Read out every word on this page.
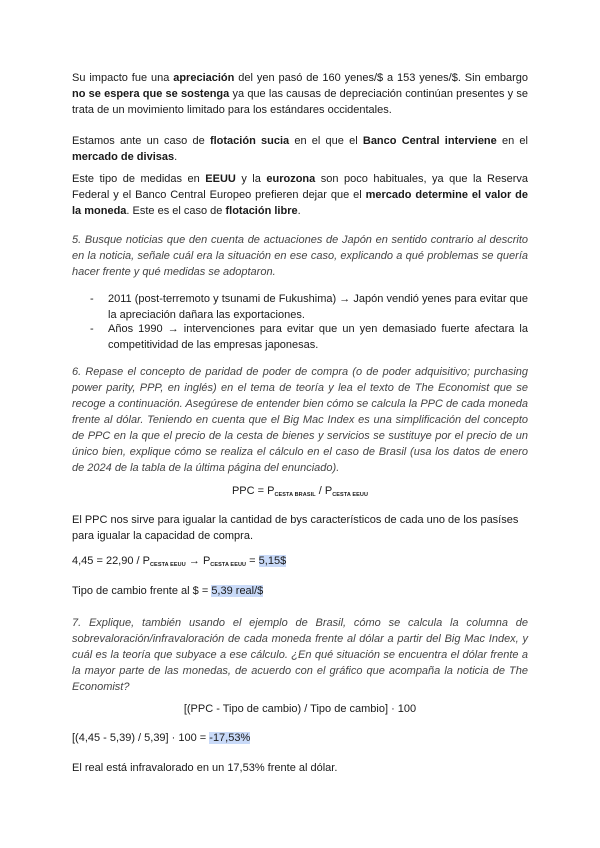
Su impacto fue una apreciación del yen pasó de 160 yenes/$ a 153 yenes/$. Sin embargo no se espera que se sostenga ya que las causas de depreciación continúan presentes y se trata de un movimiento limitado para los estándares occidentales.

Estamos ante un caso de flotación sucia en el que el Banco Central interviene en el mercado de divisas.

Este tipo de medidas en EEUU y la eurozona son poco habituales, ya que la Reserva Federal y el Banco Central Europeo prefieren dejar que el mercado determine el valor de la moneda. Este es el caso de flotación libre.

5. Busque noticias que den cuenta de actuaciones de Japón en sentido contrario al descrito en la noticia, señale cuál era la situación en ese caso, explicando a qué problemas se quería hacer frente y qué medidas se adoptaron.

- 2011 (post-terremoto y tsunami de Fukushima) → Japón vendió yenes para evitar que la apreciación dañara las exportaciones.
- Años 1990 → intervenciones para evitar que un yen demasiado fuerte afectara la competitividad de las empresas japonesas.

6. Repase el concepto de paridad de poder de compra (o de poder adquisitivo; purchasing power parity, PPP, en inglés) en el tema de teoría y lea el texto de The Economist que se recoge a continuación. Asegúrese de entender bien cómo se calcula la PPC de cada moneda frente al dólar. Teniendo en cuenta que el Big Mac Index es una simplificación del concepto de PPC en la que el precio de la cesta de bienes y servicios se sustituye por el precio de un único bien, explique cómo se realiza el cálculo en el caso de Brasil (usa los datos de enero de 2024 de la tabla de la última página del enunciado).

PPC = $P_{CESTA BRASIL} / P_{CESTA EEUU}$

El PPC nos sirve para igualar la cantidad de bys característicos de cada uno de los pasíses para igualar la capacidad de compra.

$4,45 = 22,90 / P_{CESTA EEUU} \to P_{CESTA EEUU}$ = 5,15$

Tipo de cambio frente al $ = 5,39 real/$

7. Explique, también usando el ejemplo de Brasil, cómo se calcula la columna de sobrevaloración/infravaloración de cada moneda frente al dólar a partir del Big Mac Index, y cuál es la teoría que subyace a ese cálculo. ¿En qué situación se encuentra el dólar frente a la mayor parte de las monedas, de acuerdo con el gráfico que acompaña la noticia de The Economist?

[(PPC - Tipo de cambio) / Tipo de cambio] · 100

[(4,45 - 5,39) / 5,39] · 100 = -17,53%

El real está infravalorado en un 17,53% frente al dólar.
